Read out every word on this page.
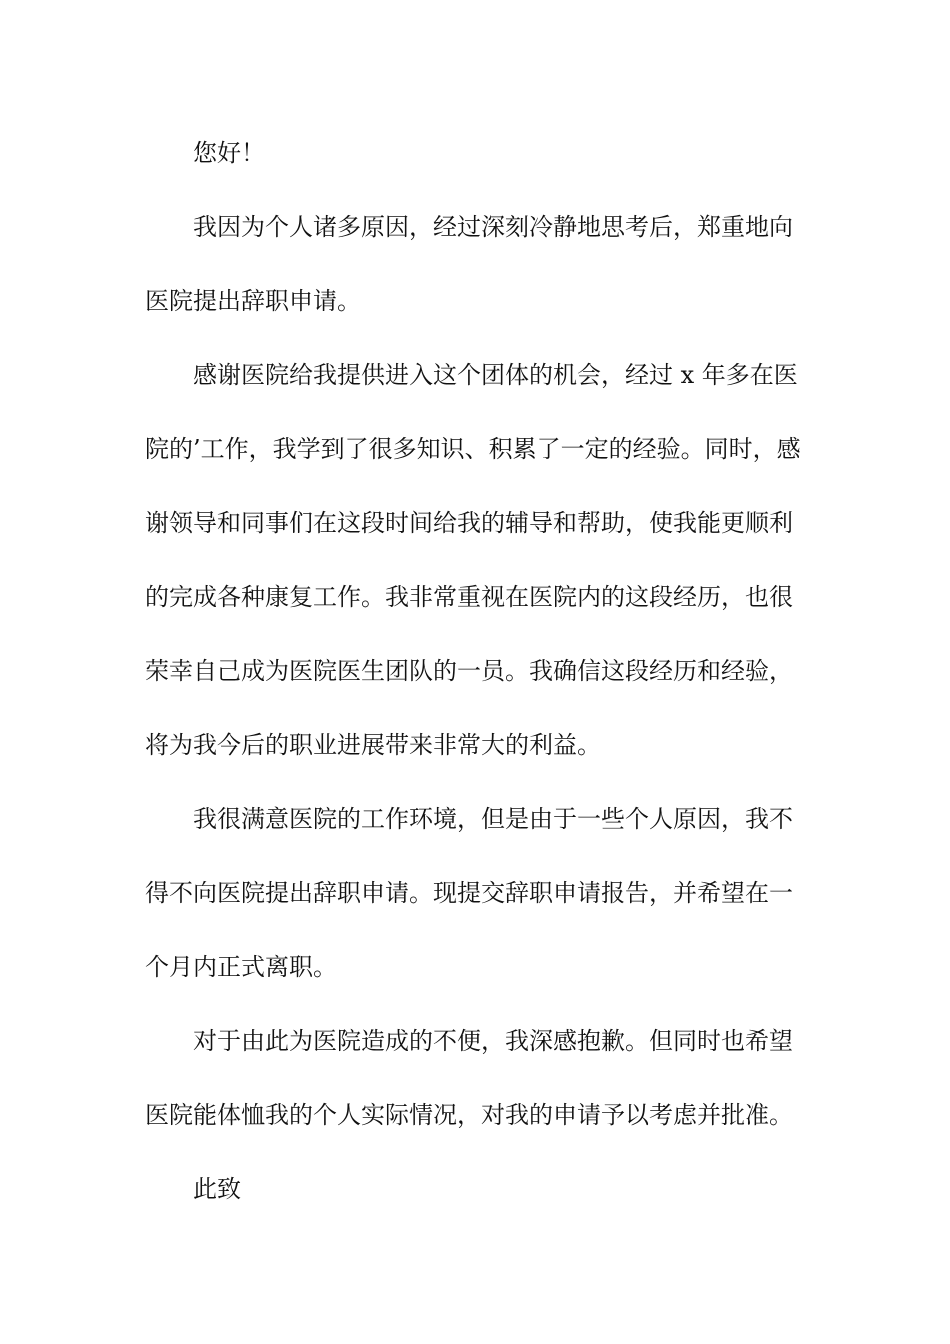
您好！

我因为个人诸多原因，经过深刻冷静地思考后，郑重地向
医院提出辞职申请。

感谢医院给我提供进入这个团体的机会，经过 x 年多在医
院的’工作，我学到了很多知识、积累了一定的经验。同时，感
谢领导和同事们在这段时间给我的辅导和帮助，使我能更顺利
的完成各种康复工作。我非常重视在医院内的这段经历，也很
荣幸自己成为医院医生团队的一员。我确信这段经历和经验，
将为我今后的职业进展带来非常大的利益。

我很满意医院的工作环境，但是由于一些个人原因，我不
得不向医院提出辞职申请。现提交辞职申请报告，并希望在一
个月内正式离职。

对于由此为医院造成的不便，我深感抱歉。但同时也希望
医院能体恤我的个人实际情况，对我的申请予以考虑并批准。

此致
